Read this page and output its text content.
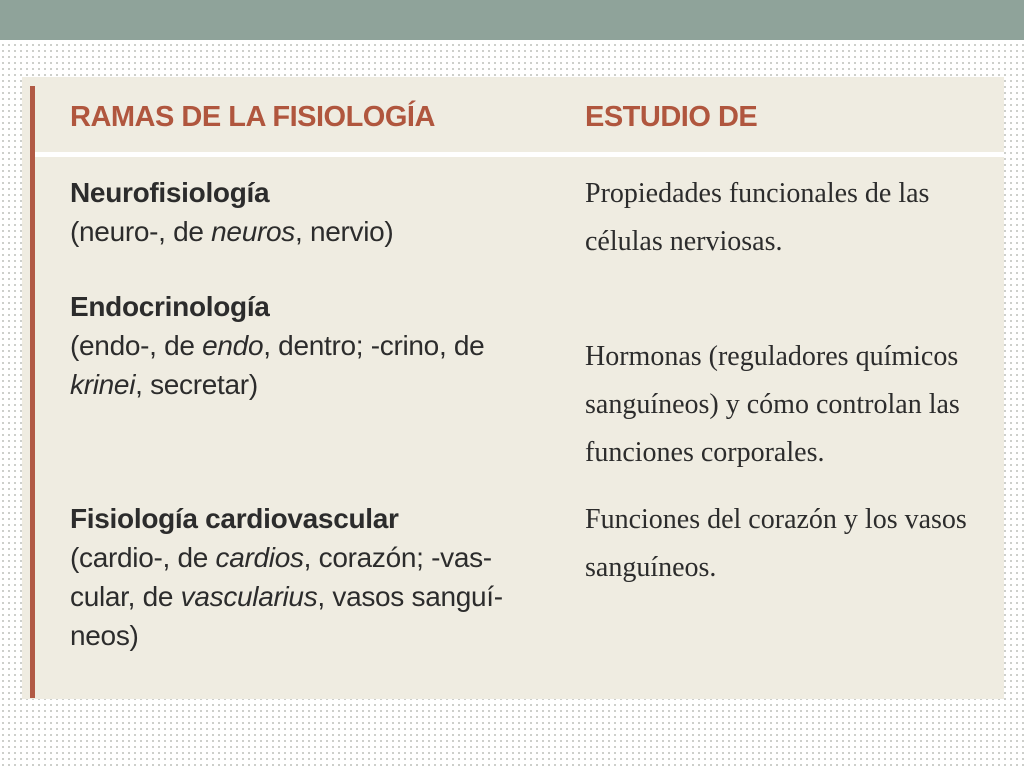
RAMAS DE LA FISIOLOGÍA	ESTUDIO DE
Neurofisiología
(neuro-, de neuros, nervio)
Propiedades funcionales de las
células nerviosas.
Endocrinología
(endo-, de endo, dentro; -crino, de
krinei, secretar)
Hormonas (reguladores químicos
sanguíneos) y cómo controlan las
funciones corporales.
Fisiología cardiovascular
(cardio-, de cardios, corazón; -vas-
cular, de vascularius, vasos sanguí-
neos)
Funciones del corazón y los vasos
sanguíneos.
